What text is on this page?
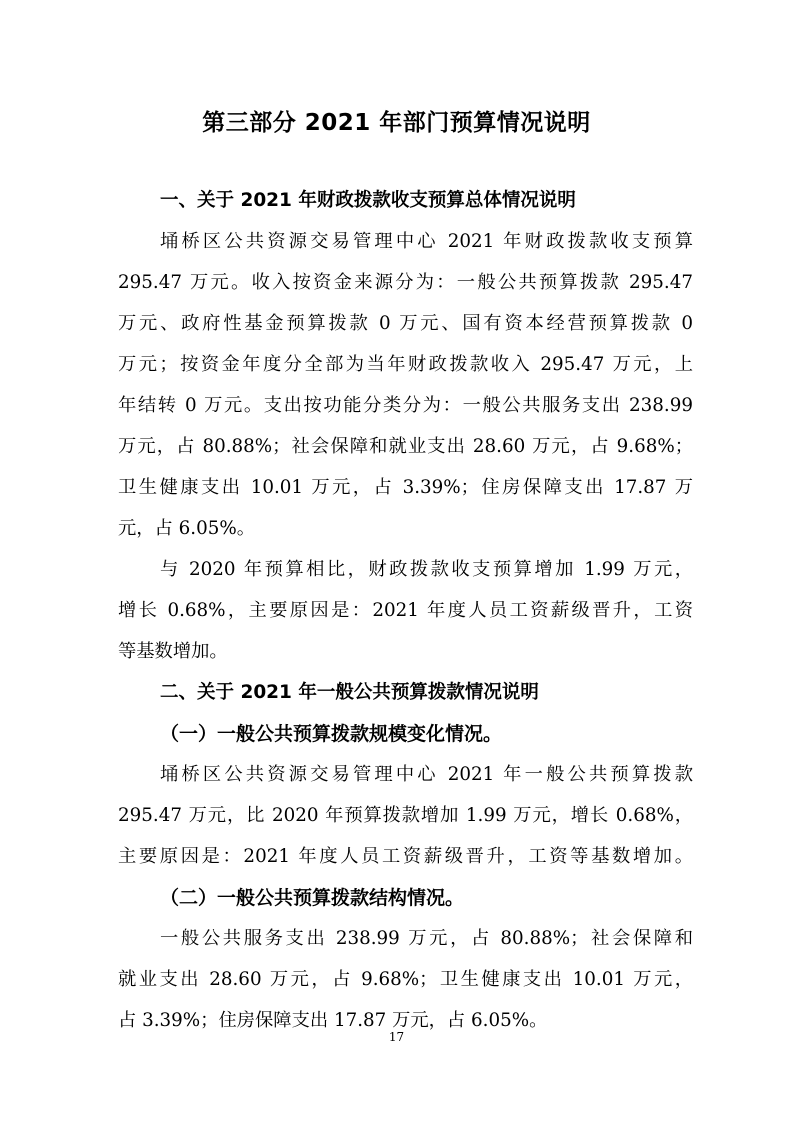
第三部分 2021 年部门预算情况说明
一、关于 2021 年财政拨款收支预算总体情况说明
埇桥区公共资源交易管理中心 2021 年财政拨款收支预算
295.47 万元。收入按资金来源分为：一般公共预算拨款 295.47
万元、政府性基金预算拨款 0 万元、国有资本经营预算拨款 0
万元；按资金年度分全部为当年财政拨款收入 295.47 万元，上
年结转 0 万元。支出按功能分类分为：一般公共服务支出 238.99
万元，占 80.88%；社会保障和就业支出 28.60 万元，占 9.68%；
卫生健康支出 10.01 万元，占 3.39%；住房保障支出 17.87 万
元，占 6.05%。
与 2020 年预算相比，财政拨款收支预算增加 1.99 万元，
增长 0.68%，主要原因是：2021 年度人员工资薪级晋升，工资
等基数增加。
二、关于 2021 年一般公共预算拨款情况说明
（一）一般公共预算拨款规模变化情况。
埇桥区公共资源交易管理中心 2021 年一般公共预算拨款
295.47 万元，比 2020 年预算拨款增加 1.99 万元，增长 0.68%，
主要原因是：2021 年度人员工资薪级晋升，工资等基数增加。
（二）一般公共预算拨款结构情况。
一般公共服务支出 238.99 万元，占 80.88%；社会保障和
就业支出 28.60 万元，占 9.68%；卫生健康支出 10.01 万元，
占 3.39%；住房保障支出 17.87 万元，占 6.05%。
17
